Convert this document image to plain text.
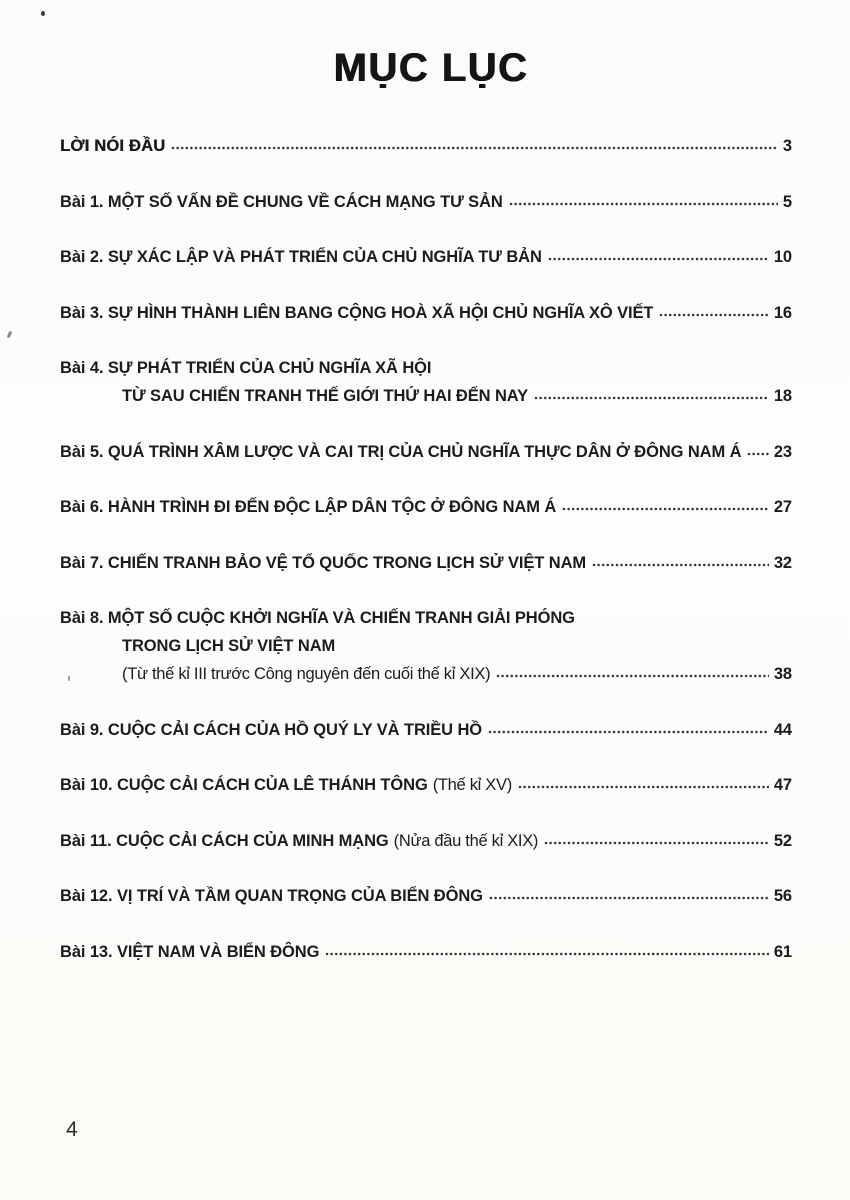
MỤC LỤC
LỜI NÓI ĐẦU	3
Bài 1. MỘT SỐ VẤN ĐỀ CHUNG VỀ CÁCH MẠNG TƯ SẢN	5
Bài 2. SỰ XÁC LẬP VÀ PHÁT TRIỂN CỦA CHỦ NGHĨA TƯ BẢN	10
Bài 3. SỰ HÌNH THÀNH LIÊN BANG CỘNG HOÀ XÃ HỘI CHỦ NGHĨA XÔ VIẾT	16
Bài 4. SỰ PHÁT TRIỂN CỦA CHỦ NGHĨA XÃ HỘI
TỪ SAU CHIẾN TRANH THẾ GIỚI THỨ HAI ĐẾN NAY	18
Bài 5. QUÁ TRÌNH XÂM LƯỢC VÀ CAI TRỊ CỦA CHỦ NGHĨA THỰC DÂN Ở ĐÔNG NAM Á 23
Bài 6. HÀNH TRÌNH ĐI ĐẾN ĐỘC LẬP DÂN TỘC Ở ĐÔNG NAM Á	27
Bài 7. CHIẾN TRANH BẢO VỆ TỔ QUỐC TRONG LỊCH SỬ VIỆT NAM	32
Bài 8. MỘT SỐ CUỘC KHỞI NGHĨA VÀ CHIẾN TRANH GIẢI PHÓNG
TRONG LỊCH SỬ VIỆT NAM
(Từ thế kỉ III trước Công nguyên đến cuối thế kỉ XIX)	38
Bài 9. CUỘC CẢI CÁCH CỦA HỒ QUÝ LY VÀ TRIỀU HỒ	44
Bài 10. CUỘC CẢI CÁCH CỦA LÊ THÁNH TÔNG (Thế kỉ XV)	47
Bài 11. CUỘC CẢI CÁCH CỦA MINH MẠNG (Nửa đầu thế kỉ XIX)	52
Bài 12. VỊ TRÍ VÀ TẦM QUAN TRỌNG CỦA BIỂN ĐÔNG	56
Bài 13. VIỆT NAM VÀ BIỂN ĐÔNG	61
4
